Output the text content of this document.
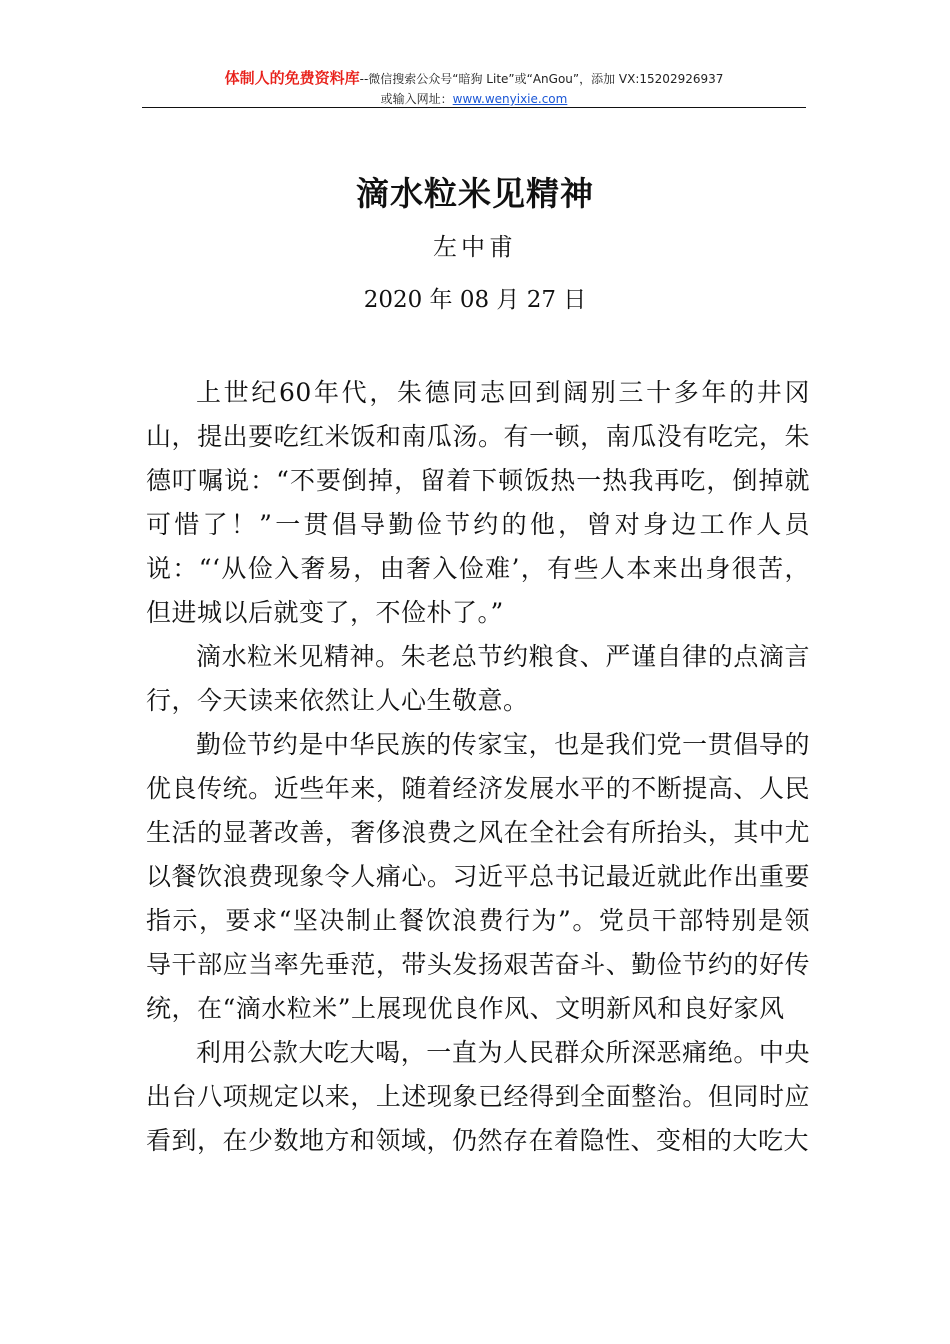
体制人的免费资料库--微信搜索公众号“暗狗 Lite”或“AnGou”，添加 VX:15202926937
或输入网址：www.wenyixie.com
滴水粒米见精神
左中甫
2020 年 08 月 27 日

上世纪60年代，朱德同志回到阔别三十多年的井冈山，提出要吃红米饭和南瓜汤。有一顿，南瓜没有吃完，朱德叮嘱说：“不要倒掉，留着下顿饭热一热我再吃，倒掉就可惜了！”一贯倡导勤俭节约的他，曾对身边工作人员说：“‘从俭入奢易，由奢入俭难’，有些人本来出身很苦，但进城以后就变了，不俭朴了。”

滴水粒米见精神。朱老总节约粮食、严谨自律的点滴言行，今天读来依然让人心生敬意。

勤俭节约是中华民族的传家宝，也是我们党一贯倡导的优良传统。近些年来，随着经济发展水平的不断提高、人民生活的显著改善，奢侈浪费之风在全社会有所抬头，其中尤以餐饮浪费现象令人痛心。习近平总书记最近就此作出重要指示，要求“坚决制止餐饮浪费行为”。党员干部特别是领导干部应当率先垂范，带头发扬艰苦奋斗、勤俭节约的好传统，在“滴水粒米”上展现优良作风、文明新风和良好家风

利用公款大吃大喝，一直为人民群众所深恶痛绝。中央出台八项规定以来，上述现象已经得到全面整治。但同时应看到，在少数地方和领域，仍然存在着隐性、变相的大吃大
